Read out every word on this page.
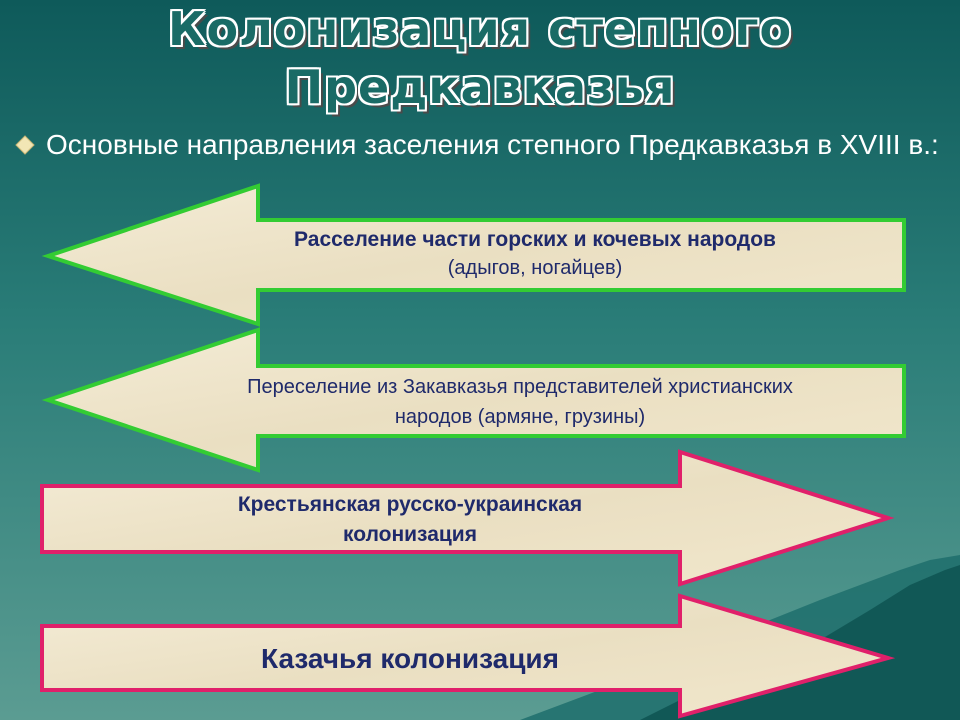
Колонизация степного
Предкавказья
Основные направления заселения степного Предкавказья в XVIII в.:
Расселение части горских и кочевых народов
(адыгов, ногайцев)
Переселение из Закавказья представителей христианских
народов (армяне, грузины)
Крестьянская русско-украинская
колонизация
Казачья колонизация
